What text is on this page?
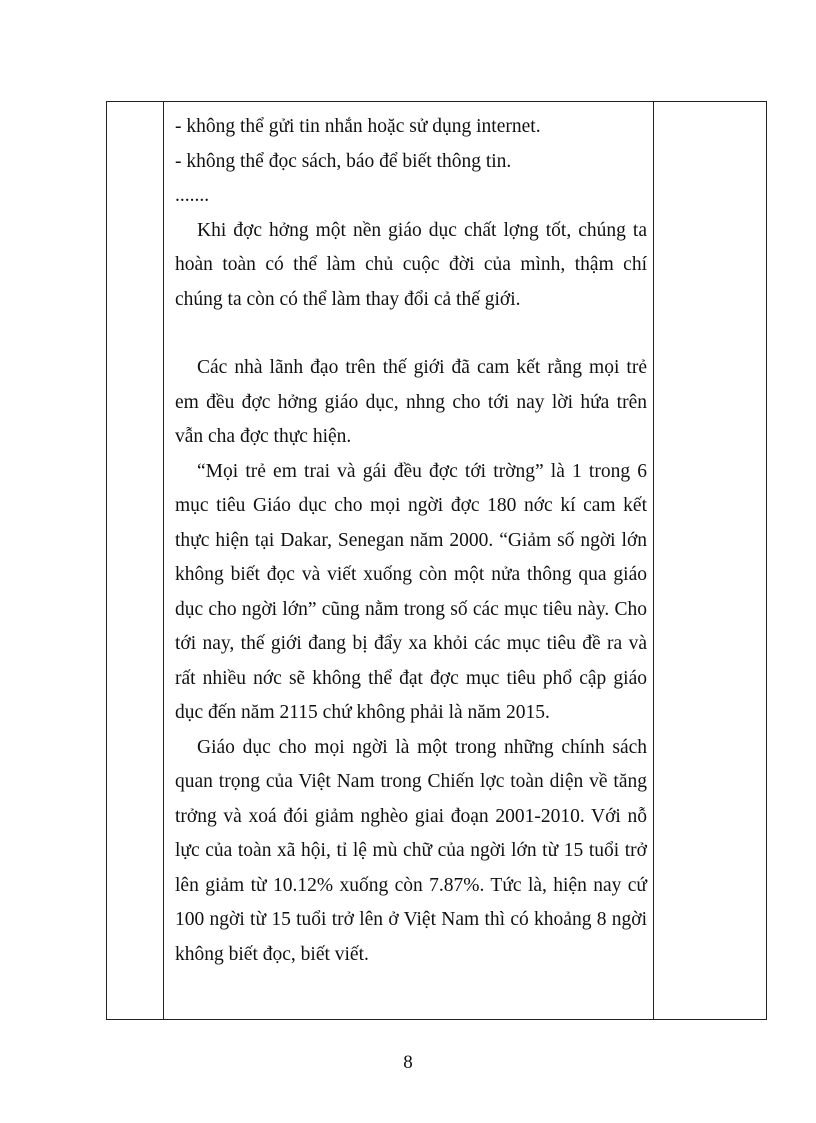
- không thể gửi tin nhắn hoặc sử dụng internet.

- không thể đọc sách, báo để biết thông tin.

.......

Khi đợc hởng một nền giáo dục chất lợng tốt, chúng ta hoàn toàn có thể làm chủ cuộc đời của mình, thậm chí chúng ta còn có thể làm thay đổi cả thế giới.

Các nhà lãnh đạo trên thế giới đã cam kết rằng mọi trẻ em đều đợc hởng giáo dục, nhng cho tới nay lời hứa trên vẫn cha đợc thực hiện.

“Mọi trẻ em trai và gái đều đợc tới trờng” là 1 trong 6 mục tiêu Giáo dục cho mọi ngời đợc 180 nớc kí cam kết thực hiện tại Dakar, Senegan năm 2000. “Giảm số ngời lớn không biết đọc và viết xuống còn một nửa thông qua giáo dục cho ngời lớn” cũng nằm trong số các mục tiêu này. Cho tới nay, thế giới đang bị đẩy xa khỏi các mục tiêu đề ra và rất nhiều nớc sẽ không thể đạt đợc mục tiêu phổ cập giáo dục đến năm 2115 chứ không phải là năm 2015.

Giáo dục cho mọi ngời là một trong những chính sách quan trọng của Việt Nam trong Chiến lợc toàn diện về tăng trởng và xoá đói giảm nghèo giai đoạn 2001-2010. Với nỗ lực của toàn xã hội, tỉ lệ mù chữ của ngời lớn từ 15 tuổi trở lên giảm từ 10.12% xuống còn 7.87%. Tức là, hiện nay cứ 100 ngời từ 15 tuổi trở lên ở Việt Nam thì có khoảng 8 ngời không biết đọc, biết viết.

8
